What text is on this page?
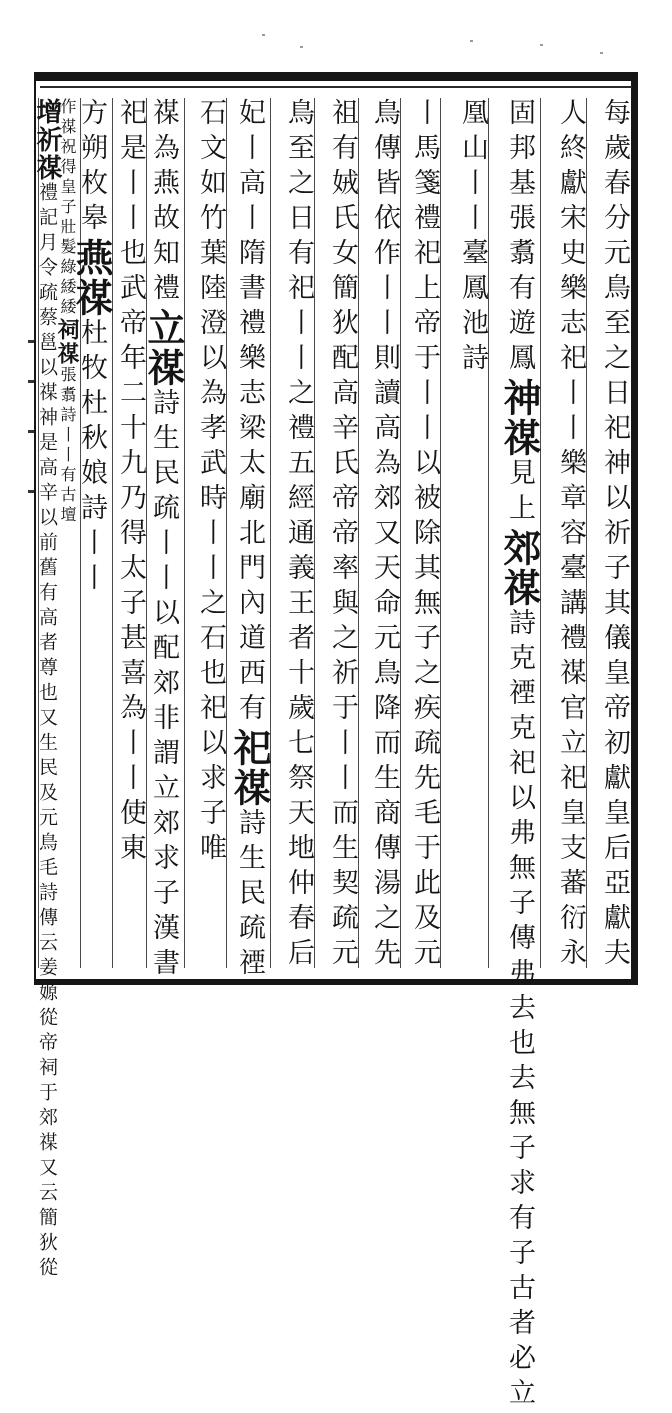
每歲春分元鳥至之日祀神以祈子其儀皇帝初獻皇后亞獻夫
人終獻宋史樂志祀丨丨樂章容臺講禮禖官立祀皇支蕃衍永
固邦基張翥有遊鳳神禖見上郊禖詩克禋克祀以弗無子傳弗去也去無子求有子古者必立
凰山丨丨臺鳳池詩
丨馬箋禮祀上帝于丨丨以被除其無子之疾疏先毛于此及元
鳥傳皆依作丨丨則讀高為郊又天命元鳥降而生商傳湯之先
祖有娀氏女簡狄配高辛氏帝帝率與之祈于丨丨而生契疏元
鳥至之日有祀丨丨之禮五經通義王者十歲七祭天地仲春后
妃丨高丨隋書禮樂志梁太廟北門內道西有祀禖詩生民疏禋
石文如竹葉陸澄以為孝武時丨丨之石也祀以求子唯
禖為燕故知禮立禖詩生民疏丨丨以配郊非謂立郊求子漢書
祀是丨丨也武帝年二十九乃得太子甚喜為丨丨使東
方朔枚皋燕禖杜牧杜秋娘詩丨丨
作禖祝得皇子壯髮綠緌緌祠禖張翥詩丨丨有古壇
增祈禖禮記月令疏蔡邕以禖神是高辛以前舊有高者尊也又生民及元鳥毛詩傳云姜嫄從帝祠于郊禖又云簡狄從
